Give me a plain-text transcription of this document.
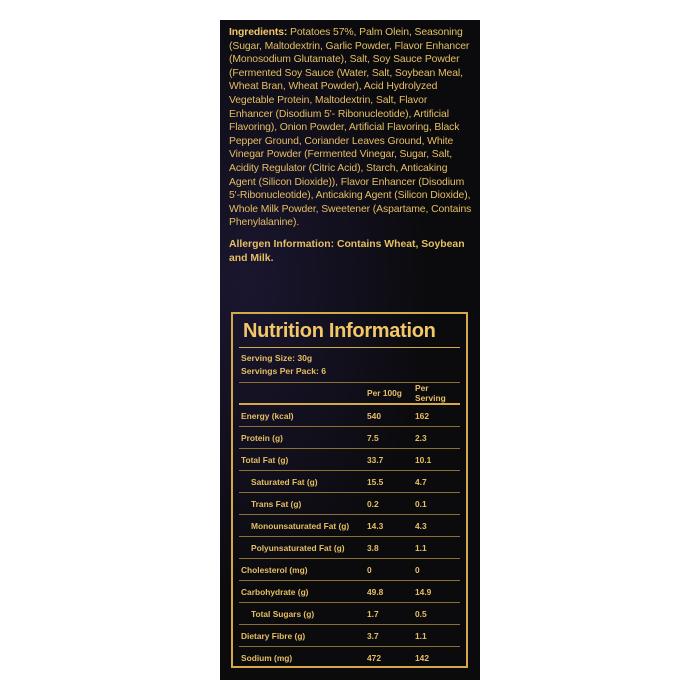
Ingredients: Potatoes 57%, Palm Olein, Seasoning (Sugar, Maltodextrin, Garlic Powder, Flavor Enhancer (Monosodium Glutamate), Salt, Soy Sauce Powder (Fermented Soy Sauce (Water, Salt, Soybean Meal, Wheat Bran, Wheat Powder), Acid Hydrolyzed Vegetable Protein, Maltodextrin, Salt, Flavor Enhancer (Disodium 5'- Ribonucleotide), Artificial Flavoring), Onion Powder, Artificial Flavoring, Black Pepper Ground, Coriander Leaves Ground, White Vinegar Powder (Fermented Vinegar, Sugar, Salt, Acidity Regulator (Citric Acid), Starch, Anticaking Agent (Silicon Dioxide)), Flavor Enhancer (Disodium 5'-Ribonucleotide), Anticaking Agent (Silicon Dioxide), Whole Milk Powder, Sweetener (Aspartame, Contains Phenylalanine).

Allergen Information: Contains Wheat, Soybean and Milk.

Nutrition Information
Serving Size: 30g
Servings Per Pack: 6
	Per 100g	Per Serving
Energy (kcal)	540	162
Protein (g)	7.5	2.3
Total Fat (g)	33.7	10.1
Saturated Fat (g)	15.5	4.7
Trans Fat (g)	0.2	0.1
Monounsaturated Fat (g)	14.3	4.3
Polyunsaturated Fat (g)	3.8	1.1
Cholesterol (mg)	0	0
Carbohydrate (g)	49.8	14.9
Total Sugars (g)	1.7	0.5
Dietary Fibre (g)	3.7	1.1
Sodium (mg)	472	142
